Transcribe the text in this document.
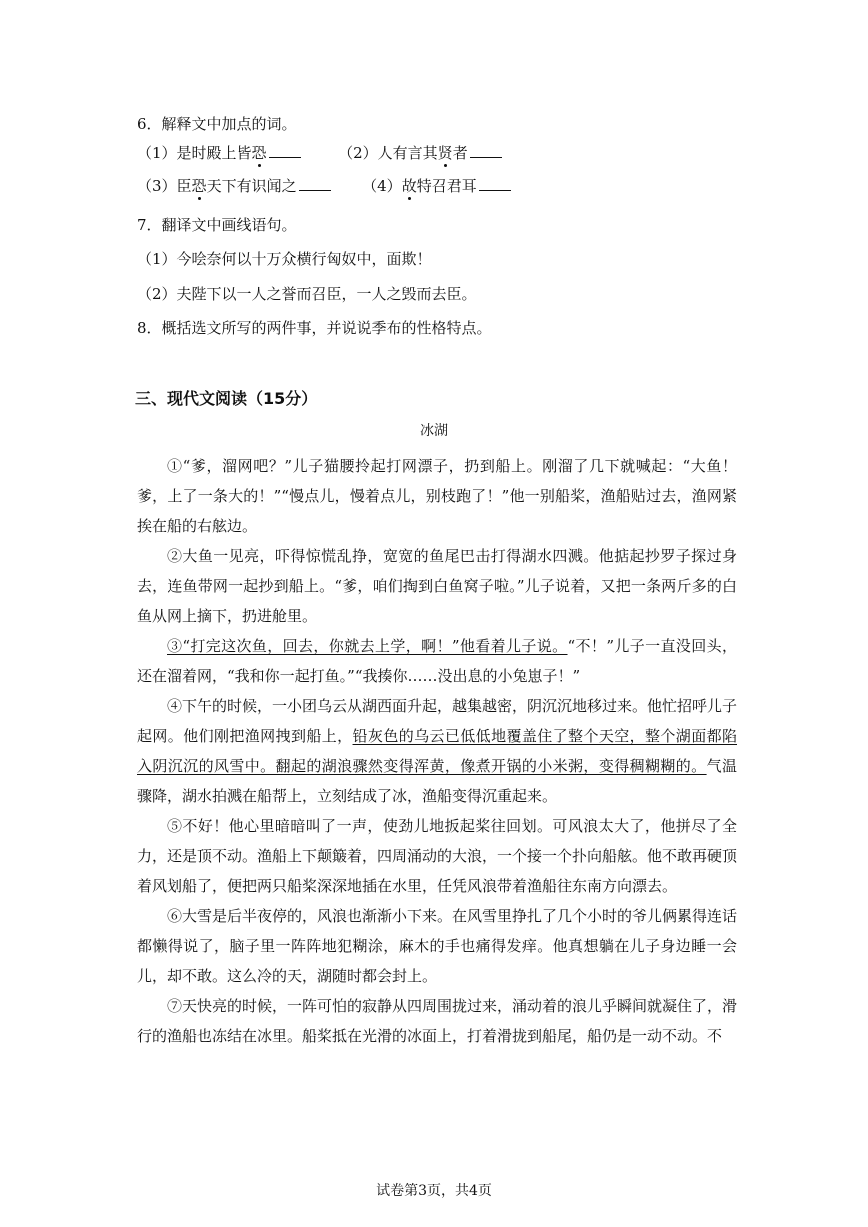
6．解释文中加点的词。
（1）是时殿上皆恐	（2）人有言其贤者
（3）臣恐天下有识闻之	（4）故特召君耳
7．翻译文中画线语句。
（1）今哙奈何以十万众横行匈奴中，面欺！
（2）夫陛下以一人之誉而召臣，一人之毁而去臣。
8．概括选文所写的两件事，并说说季布的性格特点。
三、现代文阅读（15分）
冰湖

①“爹，溜网吧？”儿子猫腰拎起打网漂子，扔到船上。刚溜了几下就喊起：“大鱼！爹，上了一条大的！”“慢点儿，慢着点儿，别枝跑了！”他一别船桨，渔船贴过去，渔网紧挨在船的右舷边。

②大鱼一见亮，吓得惊慌乱挣，宽宽的鱼尾巴击打得湖水四溅。他掂起抄罗子探过身去，连鱼带网一起抄到船上。“爹，咱们掏到白鱼窝子啦。”儿子说着，又把一条两斤多的白鱼从网上摘下，扔进舱里。

③“打完这次鱼，回去，你就去上学，啊！”他看着儿子说。“不！”儿子一直没回头，还在溜着网，“我和你一起打鱼。”“我揍你……没出息的小兔崽子！”

④下午的时候，一小团乌云从湖西面升起，越集越密，阴沉沉地移过来。他忙招呼儿子起网。他们刚把渔网拽到船上，铅灰色的乌云已低低地覆盖住了整个天空，整个湖面都陷入阴沉沉的风雪中。翻起的湖浪骤然变得浑黄，像煮开锅的小米粥，变得稠糊糊的。气温骤降，湖水拍溅在船帮上，立刻结成了冰，渔船变得沉重起来。

⑤不好！他心里暗暗叫了一声，使劲儿地扳起桨往回划。可风浪太大了，他拼尽了全力，还是顶不动。渔船上下颠簸着，四周涌动的大浪，一个接一个扑向船舷。他不敢再硬顶着风划船了，便把两只船桨深深地插在水里，任凭风浪带着渔船往东南方向漂去。

⑥大雪是后半夜停的，风浪也渐渐小下来。在风雪里挣扎了几个小时的爷儿俩累得连话都懒得说了，脑子里一阵阵地犯糊涂，麻木的手也痛得发痒。他真想躺在儿子身边睡一会儿，却不敢。这么冷的天，湖随时都会封上。

⑦天快亮的时候，一阵可怕的寂静从四周围拢过来，涌动着的浪儿乎瞬间就凝住了，滑行的渔船也冻结在冰里。船桨抵在光滑的冰面上，打着滑拢到船尾，船仍是一动不动。不

试卷第3页，共4页
